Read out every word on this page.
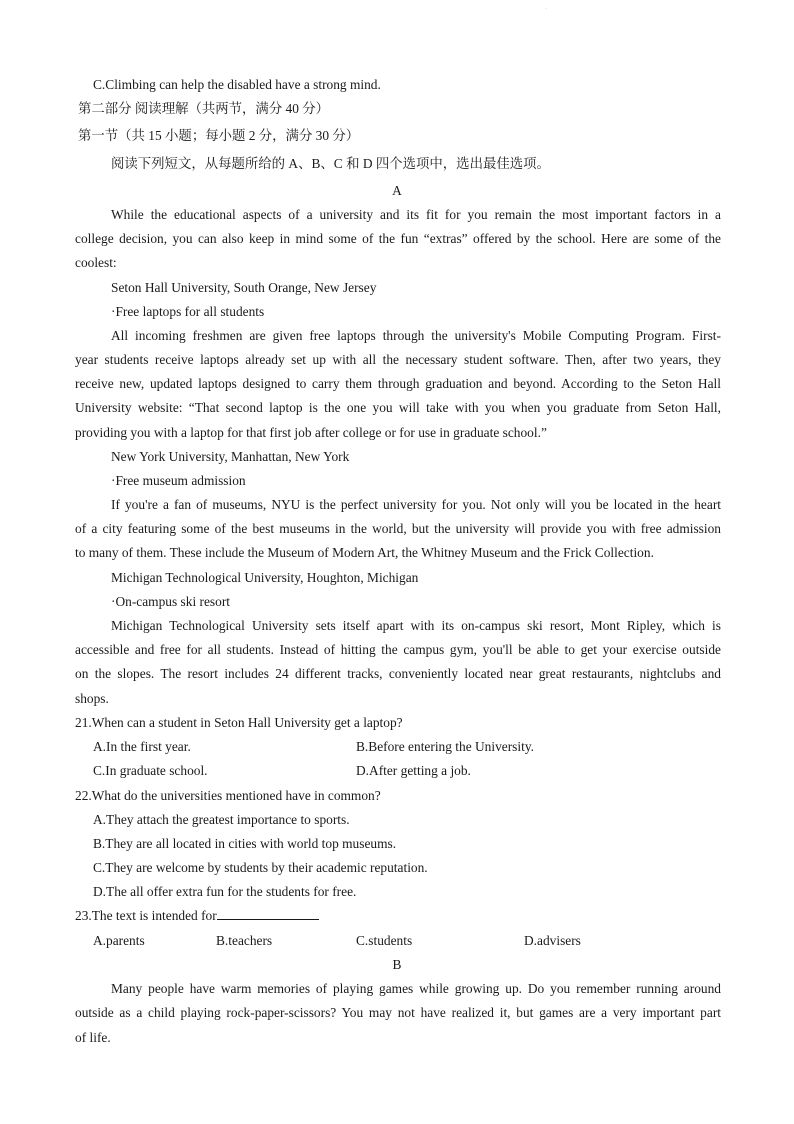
·
C.Climbing can help the disabled have a strong mind.
第二部分 阅读理解（共两节，满分 40 分）
第一节（共 15 小题；每小题 2 分，满分 30 分）
阅读下列短文，从每题所给的 A、B、C 和 D 四个选项中，选出最佳选项。
A
While the educational aspects of a university and its fit for you remain the most important factors in a
college decision, you can also keep in mind some of the fun “extras” offered by the school. Here are some of the
coolest:
Seton Hall University, South Orange, New Jersey
·Free laptops for all students
All incoming freshmen are given free laptops through the university's Mobile Computing Program. First-
year students receive laptops already set up with all the necessary student software. Then, after two years, they
receive new, updated laptops designed to carry them through graduation and beyond. According to the Seton Hall
University website: “That second laptop is the one you will take with you when you graduate from Seton Hall,
providing you with a laptop for that first job after college or for use in graduate school.”
New York University, Manhattan, New York
·Free museum admission
If you're a fan of museums, NYU is the perfect university for you. Not only will you be located in the heart
of a city featuring some of the best museums in the world, but the university will provide you with free admission
to many of them. These include the Museum of Modern Art, the Whitney Museum and the Frick Collection.
Michigan Technological University, Houghton, Michigan
·On-campus ski resort
Michigan Technological University sets itself apart with its on-campus ski resort, Mont Ripley, which is
accessible and free for all students. Instead of hitting the campus gym, you'll be able to get your exercise outside
on the slopes. The resort includes 24 different tracks, conveniently located near great restaurants, nightclubs and
shops.
21.When can a student in Seton Hall University get a laptop?
A.In the first year.	B.Before entering the University.
C.In graduate school.	D.After getting a job.
22.What do the universities mentioned have in common?
A.They attach the greatest importance to sports.
B.They are all located in cities with world top museums.
C.They are welcome by students by their academic reputation.
D.The all offer extra fun for the students for free.
23.The text is intended for
A.parents	B.teachers	C.students	D.advisers
B
Many people have warm memories of playing games while growing up. Do you remember running around
outside as a child playing rock-paper-scissors? You may not have realized it, but games are a very important part
of life.
